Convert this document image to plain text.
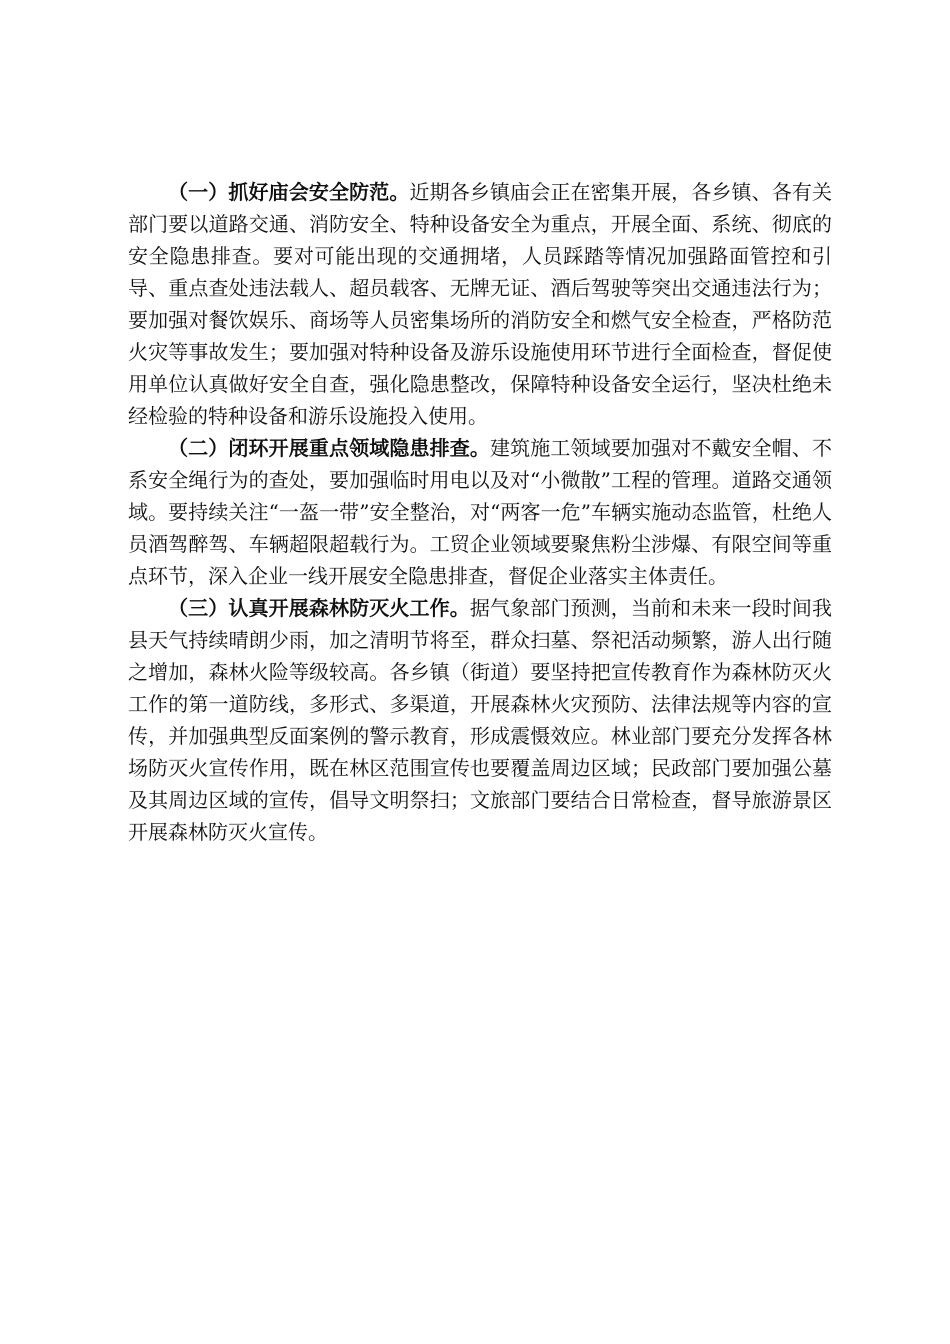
（一）抓好庙会安全防范。近期各乡镇庙会正在密集开展，各乡镇、各有关部门要以道路交通、消防安全、特种设备安全为重点，开展全面、系统、彻底的安全隐患排查。要对可能出现的交通拥堵，人员踩踏等情况加强路面管控和引导、重点查处违法载人、超员载客、无牌无证、酒后驾驶等突出交通违法行为；要加强对餐饮娱乐、商场等人员密集场所的消防安全和燃气安全检查，严格防范火灾等事故发生；要加强对特种设备及游乐设施使用环节进行全面检查，督促使用单位认真做好安全自查，强化隐患整改，保障特种设备安全运行，坚决杜绝未经检验的特种设备和游乐设施投入使用。

（二）闭环开展重点领域隐患排查。建筑施工领域要加强对不戴安全帽、不系安全绳行为的查处，要加强临时用电以及对“小微散”工程的管理。道路交通领域。要持续关注“一盔一带”安全整治，对“两客一危”车辆实施动态监管，杜绝人员酒驾醉驾、车辆超限超载行为。工贸企业领域要聚焦粉尘涉爆、有限空间等重点环节，深入企业一线开展安全隐患排查，督促企业落实主体责任。

（三）认真开展森林防灭火工作。据气象部门预测，当前和未来一段时间我县天气持续晴朗少雨，加之清明节将至，群众扫墓、祭祀活动频繁，游人出行随之增加，森林火险等级较高。各乡镇（街道）要坚持把宣传教育作为森林防灭火工作的第一道防线，多形式、多渠道，开展森林火灾预防、法律法规等内容的宣传，并加强典型反面案例的警示教育，形成震慑效应。林业部门要充分发挥各林场防灭火宣传作用，既在林区范围宣传也要覆盖周边区域；民政部门要加强公墓及其周边区域的宣传，倡导文明祭扫；文旅部门要结合日常检查，督导旅游景区开展森林防灭火宣传。
